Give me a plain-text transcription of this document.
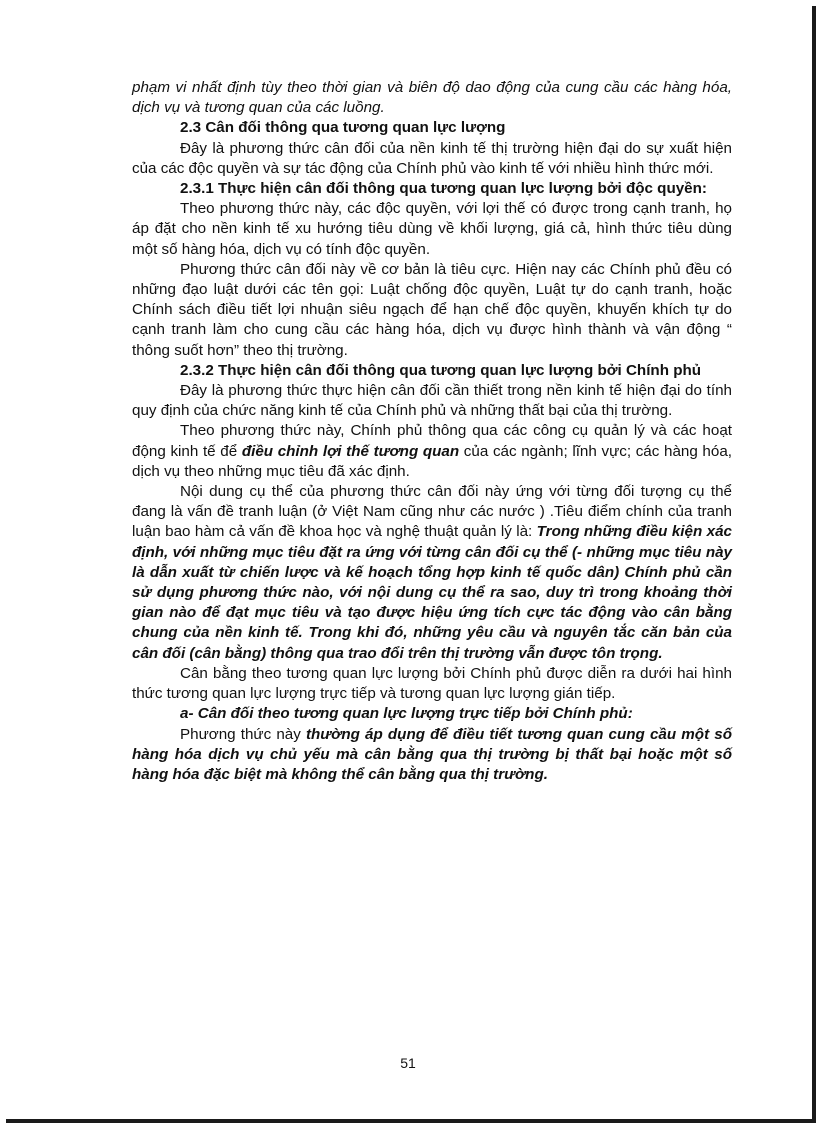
phạm vi nhất định tùy theo thời gian và biên độ dao động của cung cầu các hàng hóa, dịch vụ và tương quan của các luồng.

2.3 Cân đối thông qua tương quan lực lượng

Đây là phương thức cân đối của nền kinh tế thị trường hiện đại do sự xuất hiện của các độc quyền và sự tác động của Chính phủ vào kinh tế với nhiều hình thức mới.

2.3.1 Thực hiện cân đối thông qua tương quan lực lượng bởi độc quyền:

Theo phương thức này, các độc quyền, với lợi thế có được trong cạnh tranh, họ áp đặt cho nền kinh tế xu hướng tiêu dùng về khối lượng, giá cả, hình thức tiêu dùng một số hàng hóa, dịch vụ có tính độc quyền.

Phương thức cân đối này về cơ bản là tiêu cực. Hiện nay các Chính phủ đều có những đạo luật dưới các tên gọi: Luật chống độc quyền, Luật tự do cạnh tranh, hoặc Chính sách điều tiết lợi nhuận siêu ngạch để hạn chế độc quyền, khuyến khích tự do cạnh tranh làm cho cung cầu các hàng hóa, dịch vụ được hình thành và vận động “ thông suốt hơn” theo thị trường.

2.3.2 Thực hiện cân đối thông qua tương quan lực lượng bởi Chính phủ

Đây là phương thức thực hiện cân đối cần thiết trong nền kinh tế hiện đại do tính quy định của chức năng kinh tế của Chính phủ và những thất bại của thị trường.

Theo phương thức này, Chính phủ thông qua các công cụ quản lý và các hoạt động kinh tế để điều chỉnh lợi thế tương quan của các ngành; lĩnh vực; các hàng hóa, dịch vụ theo những mục tiêu đã xác định.

Nội dung cụ thể của phương thức cân đối này ứng với từng đối tượng cụ thể đang là vấn đề tranh luận (ở Việt Nam cũng như các nước ) .Tiêu điểm chính của tranh luận bao hàm cả vấn đề khoa học và nghệ thuật quản lý là: Trong những điều kiện xác định, với những mục tiêu đặt ra ứng với từng cân đối cụ thể (- những mục tiêu này là dẫn xuất từ chiến lược và kế hoạch tổng hợp kinh tế quốc dân) Chính phủ cần sử dụng phương thức nào, với nội dung cụ thể ra sao, duy trì trong khoảng thời gian nào để đạt mục tiêu và tạo được hiệu ứng tích cực tác động vào cân bằng chung của nền kinh tế. Trong khi đó, những yêu cầu và nguyên tắc căn bản của cân đối (cân bằng) thông qua trao đổi trên thị trường vẫn được tôn trọng.

Cân bằng theo tương quan lực lượng bởi Chính phủ được diễn ra dưới hai hình thức tương quan lực lượng trực tiếp và tương quan lực lượng gián tiếp.

a- Cân đối theo tương quan lực lượng trực tiếp bởi Chính phủ:

Phương thức này thường áp dụng để điều tiết tương quan cung cầu một số hàng hóa dịch vụ chủ yếu mà cân bằng qua thị trường bị thất bại hoặc một số hàng hóa đặc biệt mà không thể cân bằng qua thị trường.

51
